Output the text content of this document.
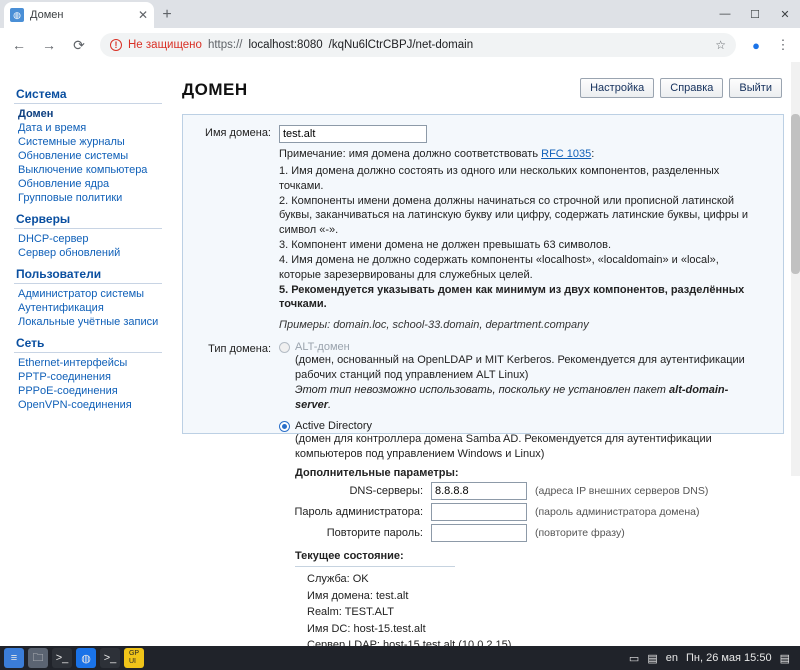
◍ Домен	✕ +	—	☐	✕
←	→	⟳	! Не защищено https:// localhost:8080 /kqNu6lCtrCBPJ/net-domain	☆	●	⋮
Система
Домен
Дата и время
Системные журналы
Обновление системы
Выключение компьютера
Обновление ядра
Групповые политики
Серверы
DHCP-сервер
Сервер обновлений
Пользователи
Администратор системы
Аутентификация
Локальные учётные записи
Сеть
Ethernet-интерфейсы
PPTP-соединения
PPPoE-соединения
OpenVPN-соединения
ДОМЕН	Настройка	Справка	Выйти
Имя домена:
test.alt
Примечание: имя домена должно соответствовать RFC 1035:
1. Имя домена должно состоять из одного или нескольких компонентов, разделенных точками.
2. Компоненты имени домена должны начинаться со строчной или прописной латинской буквы, заканчиваться на латинскую букву или цифру, содержать латинские буквы, цифры и символ «-».
3. Компонент имени домена не должен превышать 63 символов.
4. Имя домена не должно содержать компоненты «localhost», «localdomain» и «local», которые зарезервированы для служебных целей.
5. Рекомендуется указывать домен как минимум из двух компонентов, разделённых точками.
Примеры: domain.loc, school-33.domain, department.company
Тип домена:	ALT-домен
(домен, основанный на OpenLDAP и MIT Kerberos. Рекомендуется для аутентификации рабочих станций под управлением ALT Linux)
Этот тип невозможно использовать, поскольку не установлен пакет alt-domain-server.
Active Directory
(домен для контроллера домена Samba AD. Рекомендуется для аутентификации компьютеров под управлением Windows и Linux)
Дополнительные параметры:
DNS-серверы:
8.8.8.8	(адреса IP внешних серверов DNS)
Пароль администратора:	(пароль администратора домена)
Повторите пароль:	(повторите фразу)
Текущее состояние:
Служба: OK
Имя домена: test.alt
Realm: TEST.ALT
Имя DC: host-15.test.alt
≡	🗀	>_	◍	>_	GP
UI	▭ ▤ en Пн, 26 мая 15:50 ▤
